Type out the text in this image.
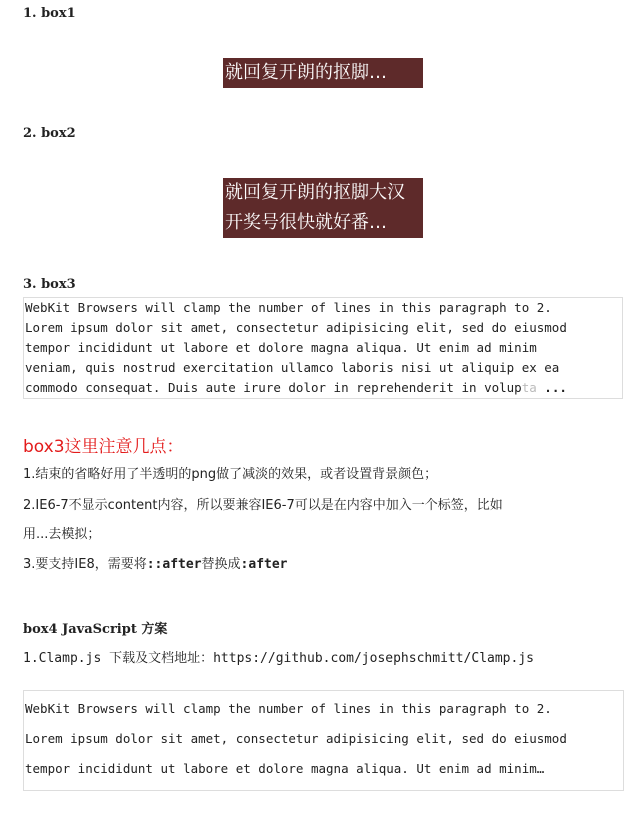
1. box1
就回复开朗的抠脚…
2. box2
就回复开朗的抠脚大汉
开奖号很快就好番…
3. box3
WebKit Browsers will clamp the number of lines in this paragraph to 2.
Lorem ipsum dolor sit amet, consectetur adipisicing elit, sed do eiusmod
tempor incididunt ut labore et dolore magna aliqua. Ut enim ad minim
veniam, quis nostrud exercitation ullamco laboris nisi ut aliquip ex ea
commodo consequat. Duis aute irure dolor in reprehenderit in volupta ...
box3这里注意几点：
1.结束的省略好用了半透明的png做了减淡的效果，或者设置背景颜色；
2.IE6-7不显示content内容，所以要兼容IE6-7可以是在内容中加入一个标签，比如
用...去模拟；
3.要支持IE8，需要将::after替换成:after
box4 JavaScript 方案
1.Clamp.js 下载及文档地址：https://github.com/josephschmitt/Clamp.js
WebKit Browsers will clamp the number of lines in this paragraph to 2.
Lorem ipsum dolor sit amet, consectetur adipisicing elit, sed do eiusmod
tempor incididunt ut labore et dolore magna aliqua. Ut enim ad minim…
